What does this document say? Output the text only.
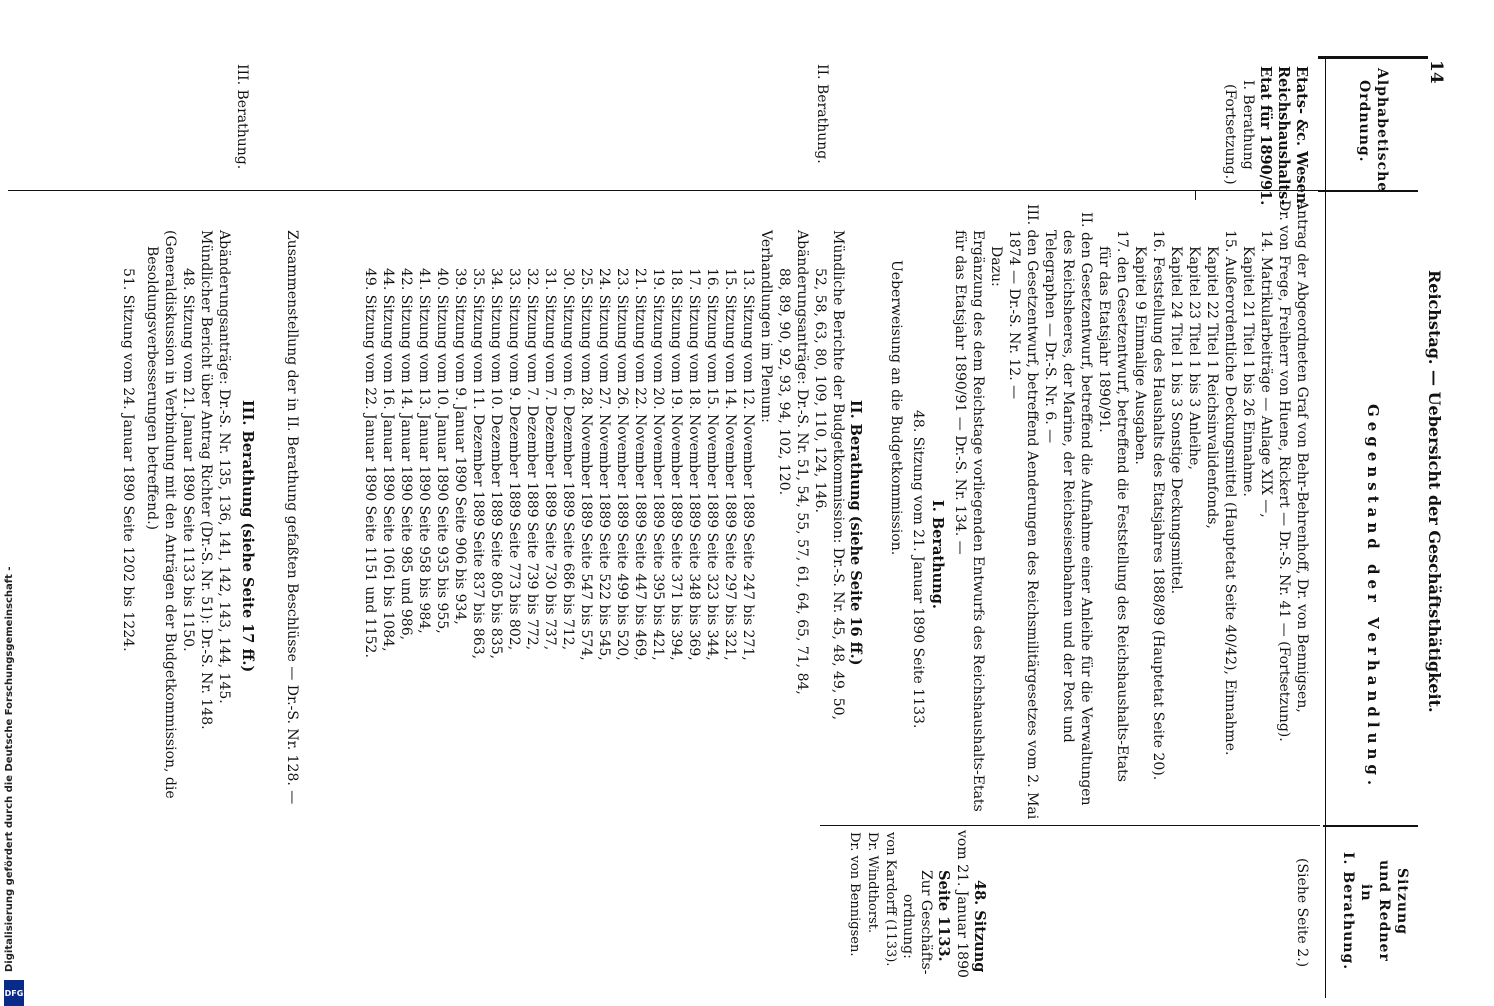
14
Reichstag. — Uebersicht der Geschäftsthätigkeit.
Alphabetische
Ordnung.
Gegenstand der Verhandlung.
Sitzung
und Redner
in
I. Berathung.
Etats- &c. Wesen.
Reichshaushalts-
Etat für 1890/91.
I. Berathung
(Fortsetzung.)
II. Berathung.
III. Berathung.
(Siehe Seite 2.)
48. Sitzung
vom 21. Januar 1890
Seite 1133.
Zur Geschäfts-
ordnung:
von Kardorff (1133).
Dr. Windthorst.
Dr. von Bennigsen.
Antrag der Abgeordneten Graf von Behr-Behrenhoff, Dr. von Bennigsen,
Dr. von Frege, Freiherr von Huene, Rickert — Dr.-S. Nr. 41 — (Fortsetzung).
14. Matrikularbeiträge — Anlage XIX —,
Kapitel 21 Titel 1 bis 26 Einnahme.
15. Außerordentliche Deckungsmittel (Hauptetat Seite 40/42), Einnahme.
Kapitel 22 Titel 1 Reichsinvalidenfonds,
Kapitel 23 Titel 1 bis 3 Anleihe,
Kapitel 24 Titel 1 bis 3 Sonstige Deckungsmittel.
16. Feststellung des Haushalts des Etatsjahres 1888/89 (Hauptetat Seite 20).
Kapitel 9 Einmalige Ausgaben.
17. den Gesetzentwurf, betreffend die Feststellung des Reichshaushalts-Etats
für das Etatsjahr 1890/91.
II. den Gesetzentwurf, betreffend die Aufnahme einer Anleihe für die Verwaltungen
des Reichsheeres, der Marine, der Reichseisenbahnen und der Post und
Telegraphen — Dr.-S. Nr. 6. —
III. den Gesetzentwurf, betreffend Aenderungen des Reichsmilitärgesetzes vom 2. Mai
1874 — Dr.-S. Nr. 12. —
Dazu:
Ergänzung des dem Reichstage vorliegenden Entwurfs des Reichshaushalts-Etats
für das Etatsjahr 1890/91 — Dr.-S. Nr. 134. —
I. Berathung.
48. Sitzung vom 21. Januar 1890 Seite 1133.
Ueberweisung an die Budgetkommission.
II. Berathung (siehe Seite 16 ff.)
Mündliche Berichte der Budgetkommission: Dr.-S. Nr. 45, 48, 49, 50,
52, 58, 63, 80, 109, 110, 124, 146.
Abänderungsanträge: Dr.-S. Nr. 51, 54, 55, 57, 61, 64, 65, 71, 84,
88, 89, 90, 92, 93, 94, 102, 120.
Verhandlungen im Plenum:
13. Sitzung vom 12. November 1889 Seite 247 bis 271,
15. Sitzung vom 14. November 1889 Seite 297 bis 321,
16. Sitzung vom 15. November 1889 Seite 323 bis 344,
17. Sitzung vom 18. November 1889 Seite 348 bis 369,
18. Sitzung vom 19. November 1889 Seite 371 bis 394,
19. Sitzung vom 20. November 1889 Seite 395 bis 421,
21. Sitzung vom 22. November 1889 Seite 447 bis 469,
23. Sitzung vom 26. November 1889 Seite 499 bis 520,
24. Sitzung vom 27. November 1889 Seite 522 bis 545,
25. Sitzung vom 28. November 1889 Seite 547 bis 574,
30. Sitzung vom 6. Dezember 1889 Seite 686 bis 712,
31. Sitzung vom 7. Dezember 1889 Seite 730 bis 737,
32. Sitzung vom 7. Dezember 1889 Seite 739 bis 772,
33. Sitzung vom 9. Dezember 1889 Seite 773 bis 802,
34. Sitzung vom 10. Dezember 1889 Seite 805 bis 835,
35. Sitzung vom 11. Dezember 1889 Seite 837 bis 863,
39. Sitzung vom 9. Januar 1890 Seite 906 bis 934,
40. Sitzung vom 10. Januar 1890 Seite 935 bis 955,
41. Sitzung vom 13. Januar 1890 Seite 958 bis 984,
42. Sitzung vom 14. Januar 1890 Seite 985 und 986,
44. Sitzung vom 16. Januar 1890 Seite 1061 bis 1084,
49. Sitzung vom 22. Januar 1890 Seite 1151 und 1152.
Zusammenstellung der in II. Berathung gefaßten Beschlüsse — Dr.-S. Nr. 128. —
III. Berathung (siehe Seite 17 ff.)
Abänderungsanträge: Dr.-S. Nr. 135, 136, 141, 142, 143, 144, 145.
Mündlicher Bericht über Antrag Richter (Dr.-S. Nr. 51): Dr.-S. Nr. 148.
48. Sitzung vom 21. Januar 1890 Seite 1133 bis 1150.
(Generaldiskussion in Verbindung mit den Anträgen der Budgetkommission, die
Besoldungsverbesserungen betreffend.)
51. Sitzung vom 24. Januar 1890 Seite 1202 bis 1224.
Digitalisierung gefördert durch die Deutsche Forschungsgemeinschaft -
DFG
